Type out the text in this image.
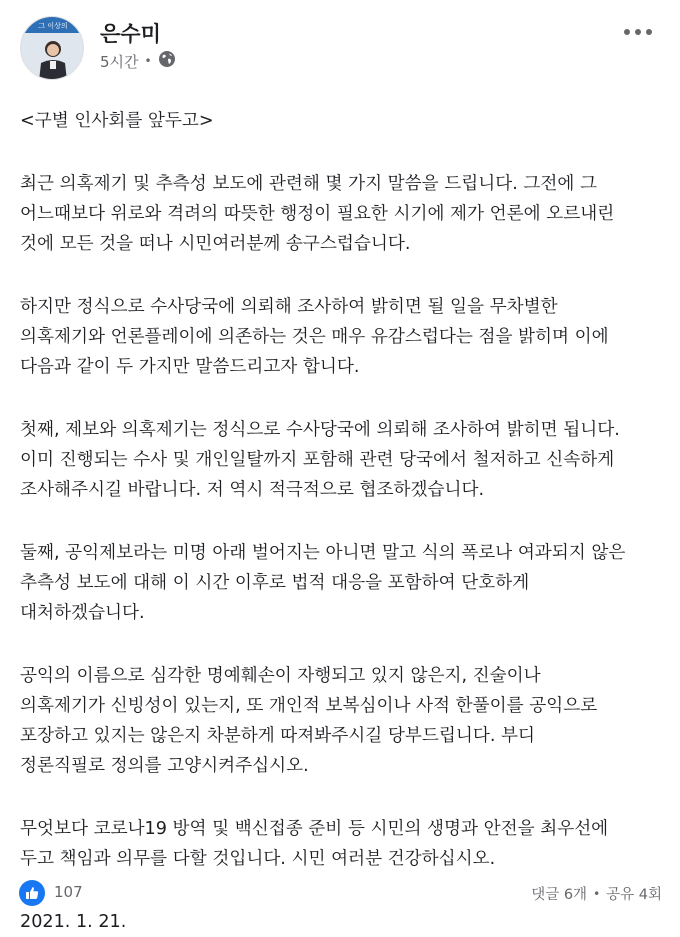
그 이상의 은수미
5시간 •

<구별 인사회를 앞두고>

최근 의혹제기 및 추측성 보도에 관련해 몇 가지 말씀을 드립니다. 그전에 그

어느때보다 위로와 격려의 따뜻한 행정이 필요한 시기에 제가 언론에 오르내린

것에 모든 것을 떠나 시민여러분께 송구스럽습니다.

하지만 정식으로 수사당국에 의뢰해 조사하여 밝히면 될 일을 무차별한

의혹제기와 언론플레이에 의존하는 것은 매우 유감스럽다는 점을 밝히며 이에

다음과 같이 두 가지만 말씀드리고자 합니다.

첫째, 제보와 의혹제기는 정식으로 수사당국에 의뢰해 조사하여 밝히면 됩니다.

이미 진행되는 수사 및 개인일탈까지 포함해 관련 당국에서 철저하고 신속하게

조사해주시길 바랍니다. 저 역시 적극적으로 협조하겠습니다.

둘째, 공익제보라는 미명 아래 벌어지는 아니면 말고 식의 폭로나 여과되지 않은

추측성 보도에 대해 이 시간 이후로 법적 대응을 포함하여 단호하게

대처하겠습니다.

공익의 이름으로 심각한 명예훼손이 자행되고 있지 않은지, 진술이나

의혹제기가 신빙성이 있는지, 또 개인적 보복심이나 사적 한풀이를 공익으로

포장하고 있지는 않은지 차분하게 따져봐주시길 당부드립니다. 부디

정론직필로 정의를 고양시켜주십시오.

무엇보다 코로나19 방역 및 백신접종 준비 등 시민의 생명과 안전을 최우선에

두고 책임과 의무를 다할 것입니다. 시민 여러분 건강하십시오.

2021. 1. 21.

107	댓글 6개 • 공유 4회
